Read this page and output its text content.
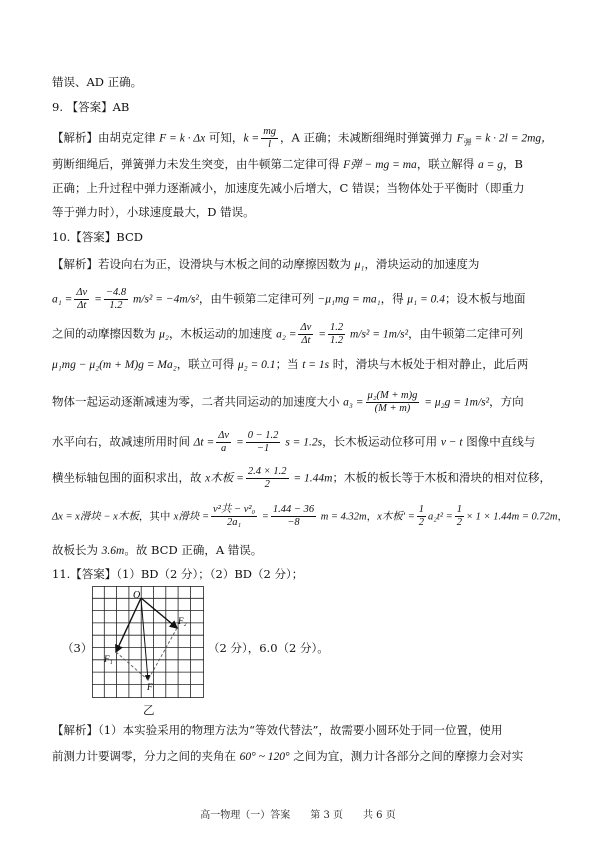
错误、AD 正确。
9. 【答案】AB
【解析】由胡克定律 F = k · Δx 可知，$k = \frac{mg}{l}$ ，A 正确；未减断细绳时弹簧弹力 $F_弹 = k \cdot 2l = 2mg$，
剪断细绳后，弹簧弹力未发生突变，由牛顿第二定律可得 F弹 − mg = ma，联立解得 a = g，B
正确；上升过程中弹力逐渐减小，加速度先减小后增大，C 错误；当物体处于平衡时（即重力
等于弹力时），小球速度最大，D 错误。
10.【答案】BCD
【解析】若设向右为正，设滑块与木板之间的动摩擦因数为 μ₁，滑块运动的加速度为
$a_1 = \frac{\Delta v}{\Delta t} = \frac{-4.8}{1.2} m/s^2 = -4m/s^2$，由牛顿第二定律可列 −μ₁mg = ma₁，得 μ₁ = 0.4；设木板与地面
之间的动摩擦因数为 μ₂，木板运动的加速度 $a_2 = \frac{\Delta v}{\Delta t} = \frac{1.2}{1.2} m/s^2 = 1m/s^2$，由牛顿第二定律可列
μ₁mg − μ₂(m + M)g = Ma₂，联立可得 μ₂ = 0.1；当 t = 1s 时，滑块与木板处于相对静止，此后两
物体一起运动逐渐减速为零，二者共同运动的加速度大小 $a_3 = \frac{\text{μ₂(M + m)g}}{(M + m)} = \mu_2g = 1m/s^2$，方向
水平向右，故减速所用时间 $\Delta t = \frac{\Delta v}{a} = \frac{0 - 1.2}{-1}$ s = 1.2s，长木板运动位移可用 v − t 图像中直线与
横坐标轴包围的面积求出，故 x木板 = $\frac{2.4 \times 1.2}{2} = 1.44m$；木板的板长等于木板和滑块的相对位移，
Δx = x滑块 − x木板，其中 x滑块 = $\frac{\text{v²共 − v²₀}}{\text{2a₁}} = \frac{1.44 - 36}{-8}$ m = 4.32m，x木板′ = $\frac{1}{2} a_2t^2 = \frac{1}{2} \times 1 \times 1.44m = 0.72m$，
故板长为 3.6m。故 BCD 正确，A 错误。
11.【答案】（1）BD（2 分）；（2）BD（2 分）；
（3）
O
F₂
F₁
F
（2 分），6.0（2 分）。
乙
【解析】（1）本实验采用的物理方法为“等效代替法”，故需要小圆环处于同一位置，使用
前测力计要调零，分力之间的夹角在 60° ~ 120° 之间为宜，测力计各部分之间的摩擦力会对实
高一物理（一）答案　　第 3 页　　共 6 页
